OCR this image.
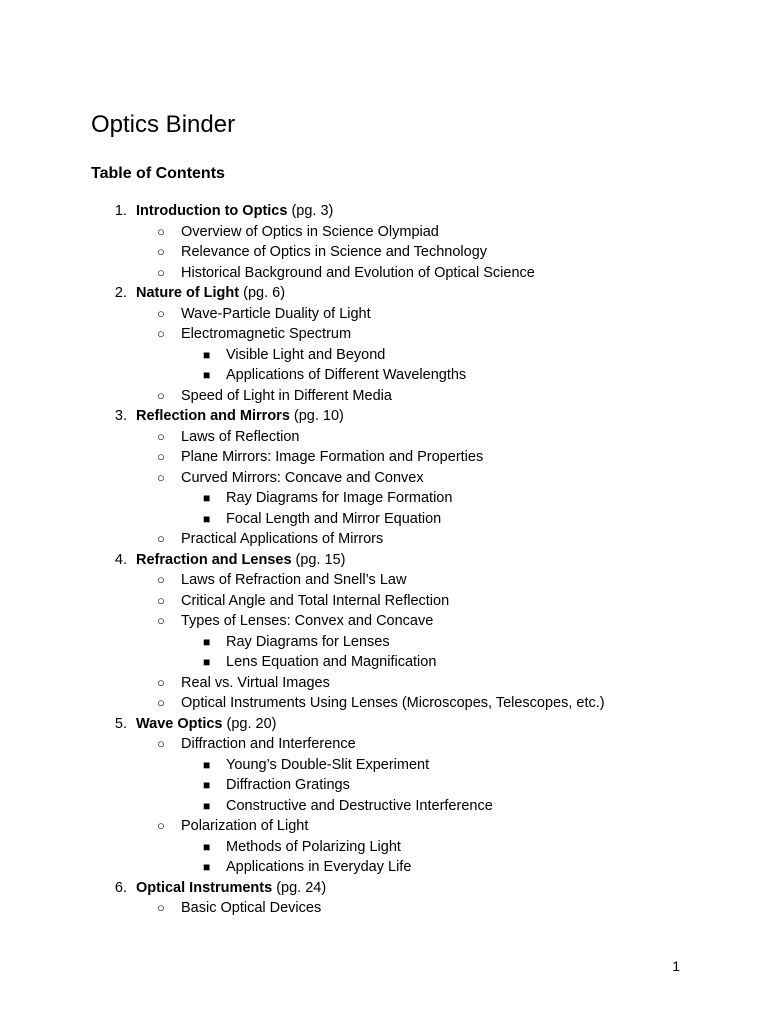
Optics Binder
Table of Contents
1. Introduction to Optics (pg. 3)
○ Overview of Optics in Science Olympiad
○ Relevance of Optics in Science and Technology
○ Historical Background and Evolution of Optical Science
2. Nature of Light (pg. 6)
○ Wave-Particle Duality of Light
○ Electromagnetic Spectrum
■ Visible Light and Beyond
■ Applications of Different Wavelengths
○ Speed of Light in Different Media
3. Reflection and Mirrors (pg. 10)
○ Laws of Reflection
○ Plane Mirrors: Image Formation and Properties
○ Curved Mirrors: Concave and Convex
■ Ray Diagrams for Image Formation
■ Focal Length and Mirror Equation
○ Practical Applications of Mirrors
4. Refraction and Lenses (pg. 15)
○ Laws of Refraction and Snell’s Law
○ Critical Angle and Total Internal Reflection
○ Types of Lenses: Convex and Concave
■ Ray Diagrams for Lenses
■ Lens Equation and Magnification
○ Real vs. Virtual Images
○ Optical Instruments Using Lenses (Microscopes, Telescopes, etc.)
5. Wave Optics (pg. 20)
○ Diffraction and Interference
■ Young’s Double-Slit Experiment
■ Diffraction Gratings
■ Constructive and Destructive Interference
○ Polarization of Light
■ Methods of Polarizing Light
■ Applications in Everyday Life
6. Optical Instruments (pg. 24)
○ Basic Optical Devices
1
